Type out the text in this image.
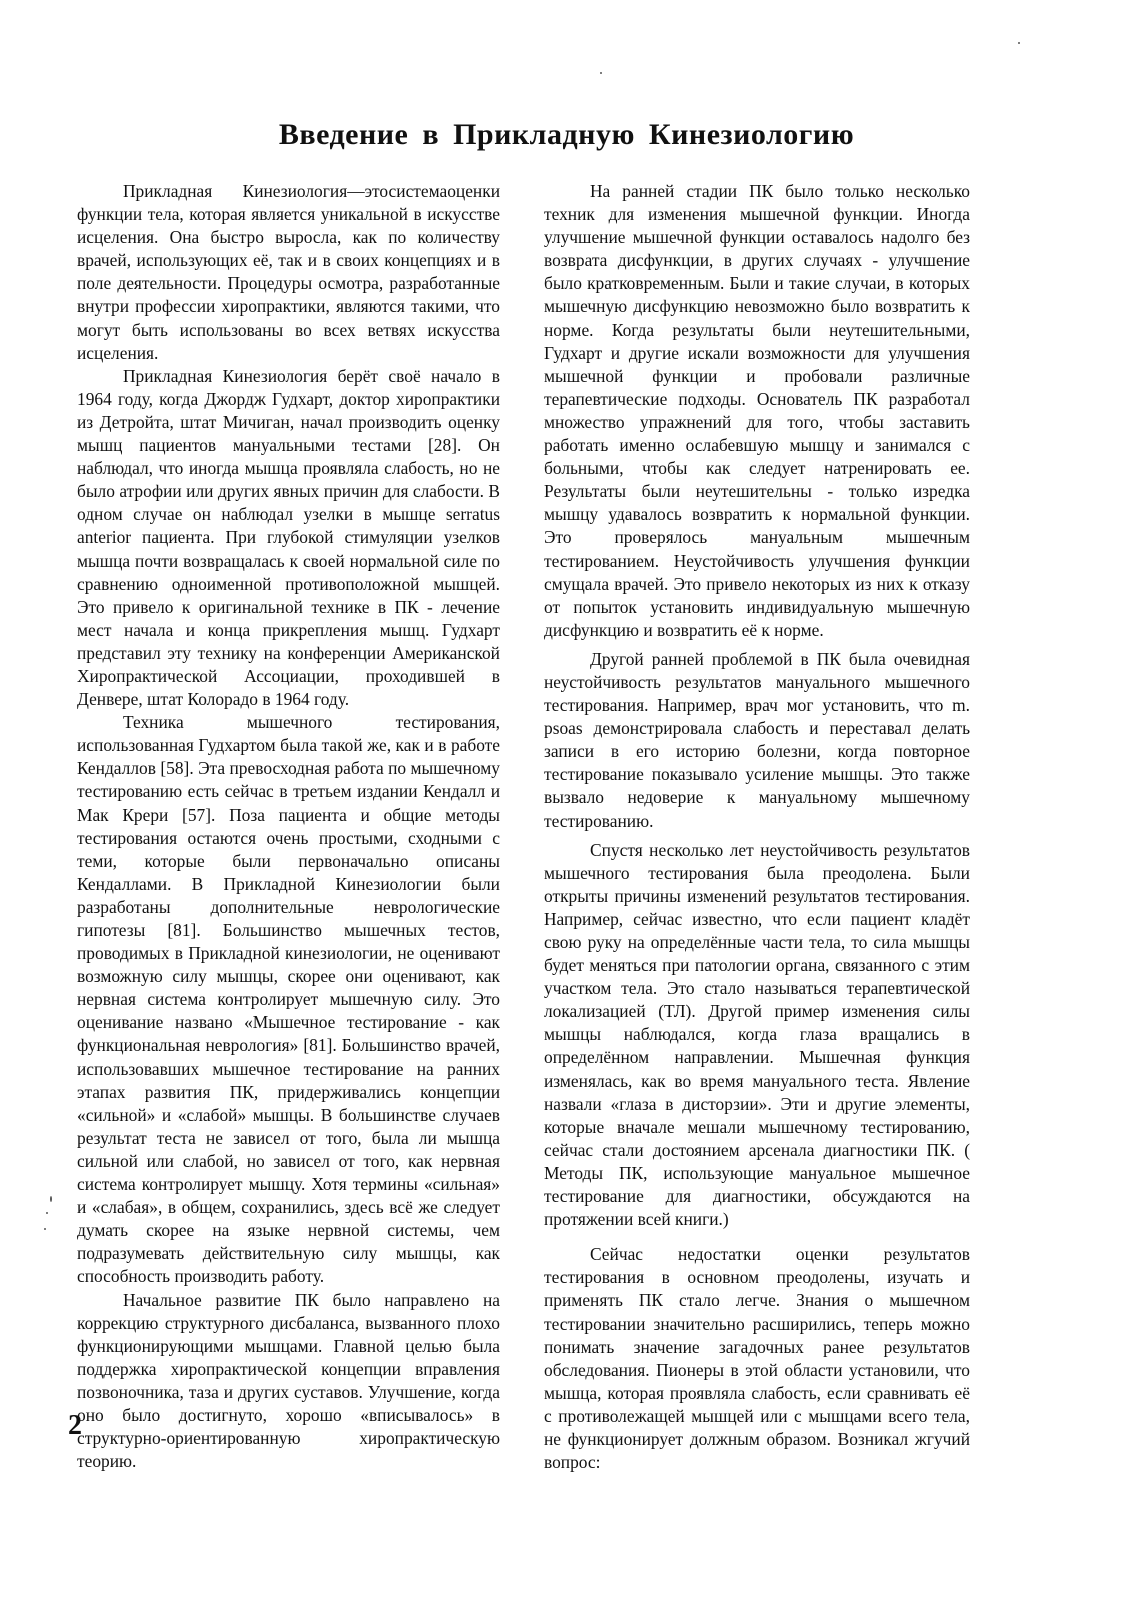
Введение в Прикладную Кинезиологию

Прикладная Кинезиология—этосистемаоценки функции тела, которая является уникальной в искусстве исцеления. Она быстро выросла, как по количеству врачей, использующих её, так и в своих концепциях и в поле деятельности. Процедуры осмотра, разработанные внутри профессии хиропрактики, являются такими, что могут быть использованы во всех ветвях искусства исцеления.

Прикладная Кинезиология берёт своё начало в 1964 году, когда Джордж Гудхарт, доктор хиропрактики из Детройта, штат Мичиган, начал производить оценку мышц пациентов мануальными тестами [28]. Он наблюдал, что иногда мышца проявляла слабость, но не было атрофии или других явных причин для слабости. В одном случае он наблюдал узелки в мышце serratus anterior пациента. При глубокой стимуляции узелков мышца почти возвращалась к своей нормальной силе по сравнению одноименной противоположной мышцей. Это привело к оригинальной технике в ПК - лечение мест начала и конца прикрепления мышц. Гудхарт представил эту технику на конференции Американской Хиропрактической Ассоциации, проходившей в Денвере, штат Колорадо в 1964 году.

Техника мышечного тестирования, использованная Гудхартом была такой же, как и в работе Кендаллов [58]. Эта превосходная работа по мышечному тестированию есть сейчас в третьем издании Кендалл и Мак Крери [57]. Поза пациента и общие методы тестирования остаются очень простыми, сходными с теми, которые были первоначально описаны Кендаллами. В Прикладной Кинезиологии были разработаны дополнительные неврологические гипотезы [81]. Большинство мышечных тестов, проводимых в Прикладной кинезиологии, не оценивают возможную силу мышцы, скорее они оценивают, как нервная система контролирует мышечную силу. Это оценивание названо «Мышечное тестирование - как функциональная неврология» [81]. Большинство врачей, использовавших мышечное тестирование на ранних этапах развития ПК, придерживались концепции «сильной» и «слабой» мышцы. В большинстве случаев результат теста не зависел от того, была ли мышца сильной или слабой, но зависел от того, как нервная система контролирует мышцу. Хотя термины «сильная» и «слабая», в общем, сохранились, здесь всё же следует думать скорее на языке нервной системы, чем подразумевать действительную силу мышцы, как способность производить работу.

Начальное развитие ПК было направлено на коррекцию структурного дисбаланса, вызванного плохо функционирующими мышцами. Главной целью была поддержка хиропрактической концепции вправления позвоночника, таза и других суставов. Улучшение, когда оно было достигнуто, хорошо «вписывалось» в структурно-ориентированную хиропрактическую теорию.

На ранней стадии ПК было только несколько техник для изменения мышечной функции. Иногда улучшение мышечной функции оставалось надолго без возврата дисфункции, в других случаях - улучшение было кратковременным. Были и такие случаи, в которых мышечную дисфункцию невозможно было возвратить к норме. Когда результаты были неутешительными, Гудхарт и другие искали возможности для улучшения мышечной функции и пробовали различные терапевтические подходы. Основатель ПК разработал множество упражнений для того, чтобы заставить работать именно ослабевшую мышцу и занимался с больными, чтобы как следует натренировать ее. Результаты были неутешительны - только изредка мышцу удавалось возвратить к нормальной функции. Это проверялось мануальным мышечным тестированием. Неустойчивость улучшения функции смущала врачей. Это привело некоторых из них к отказу от попыток установить индивидуальную мышечную дисфункцию и возвратить её к норме.

Другой ранней проблемой в ПК была очевидная неустойчивость результатов мануального мышечного тестирования. Например, врач мог установить, что m. psoas демонстрировала слабость и переставал делать записи в его историю болезни, когда повторное тестирование показывало усиление мышцы. Это также вызвало недоверие к мануальному мышечному тестированию.

Спустя несколько лет неустойчивость результатов мышечного тестирования была преодолена. Были открыты причины изменений результатов тестирования. Например, сейчас известно, что если пациент кладёт свою руку на определённые части тела, то сила мышцы будет меняться при патологии органа, связанного с этим участком тела. Это стало называться терапевтической локализацией (ТЛ). Другой пример изменения силы мышцы наблюдался, когда глаза вращались в определённом направлении. Мышечная функция изменялась, как во время мануального теста. Явление назвали «глаза в дисторзии». Эти и другие элементы, которые вначале мешали мышечному тестированию, сейчас стали достоянием арсенала диагностики ПК. ( Методы ПК, использующие мануальное мышечное тестирование для диагностики, обсуждаются на протяжении всей книги.)

Сейчас недостатки оценки результатов тестирования в основном преодолены, изучать и применять ПК стало легче. Знания о мышечном тестировании значительно расширились, теперь можно понимать значение загадочных ранее результатов обследования. Пионеры в этой области установили, что мышца, которая проявляла слабость, если сравнивать её с противолежащей мышцей или с мышцами всего тела, не функционирует должным образом. Возникал жгучий вопрос:

2
